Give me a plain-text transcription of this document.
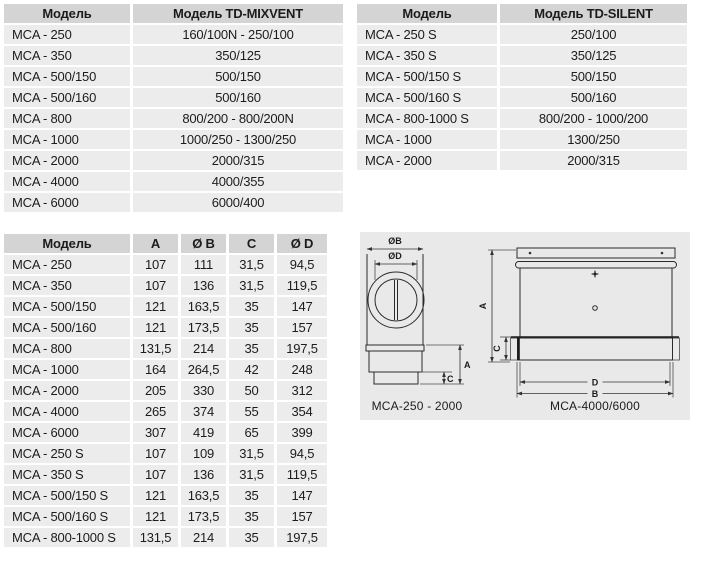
Модель	Модель TD-MIXVENT
MCA - 250	160/100N - 250/100
MCA - 350	350/125
MCA - 500/150	500/150
MCA - 500/160	500/160
MCA - 800	800/200 - 800/200N
MCA - 1000	1000/250 - 1300/250
MCA - 2000	2000/315
MCA - 4000	4000/355
MCA - 6000	6000/400
Модель	Модель TD-SILENT
MCA - 250 S	250/100
MCA - 350 S	350/125
MCA - 500/150 S	500/150
MCA - 500/160 S	500/160
MCA - 800-1000 S	800/200 - 1000/200
MCA - 1000	1300/250
MCA - 2000	2000/315
Модель	A	Ø B	C	Ø D
MCA - 250	107	111	31,5	94,5
MCA - 350	107	136	31,5	119,5
MCA - 500/150	121	163,5	35	147
MCA - 500/160	121	173,5	35	157
MCA - 800	131,5	214	35	197,5
MCA - 1000	164	264,5	42	248
MCA - 2000	205	330	50	312
MCA - 4000	265	374	55	354
MCA - 6000	307	419	65	399
MCA - 250 S	107	109	31,5	94,5
MCA - 350 S	107	136	31,5	119,5
MCA - 500/150 S	121	163,5	35	147
MCA - 500/160 S	121	173,5	35	157
MCA - 800-1000 S	131,5	214	35	197,5
ØB
ØD
A
C
MCA-250 - 2000
A
C
D
B
MCA-4000/6000
